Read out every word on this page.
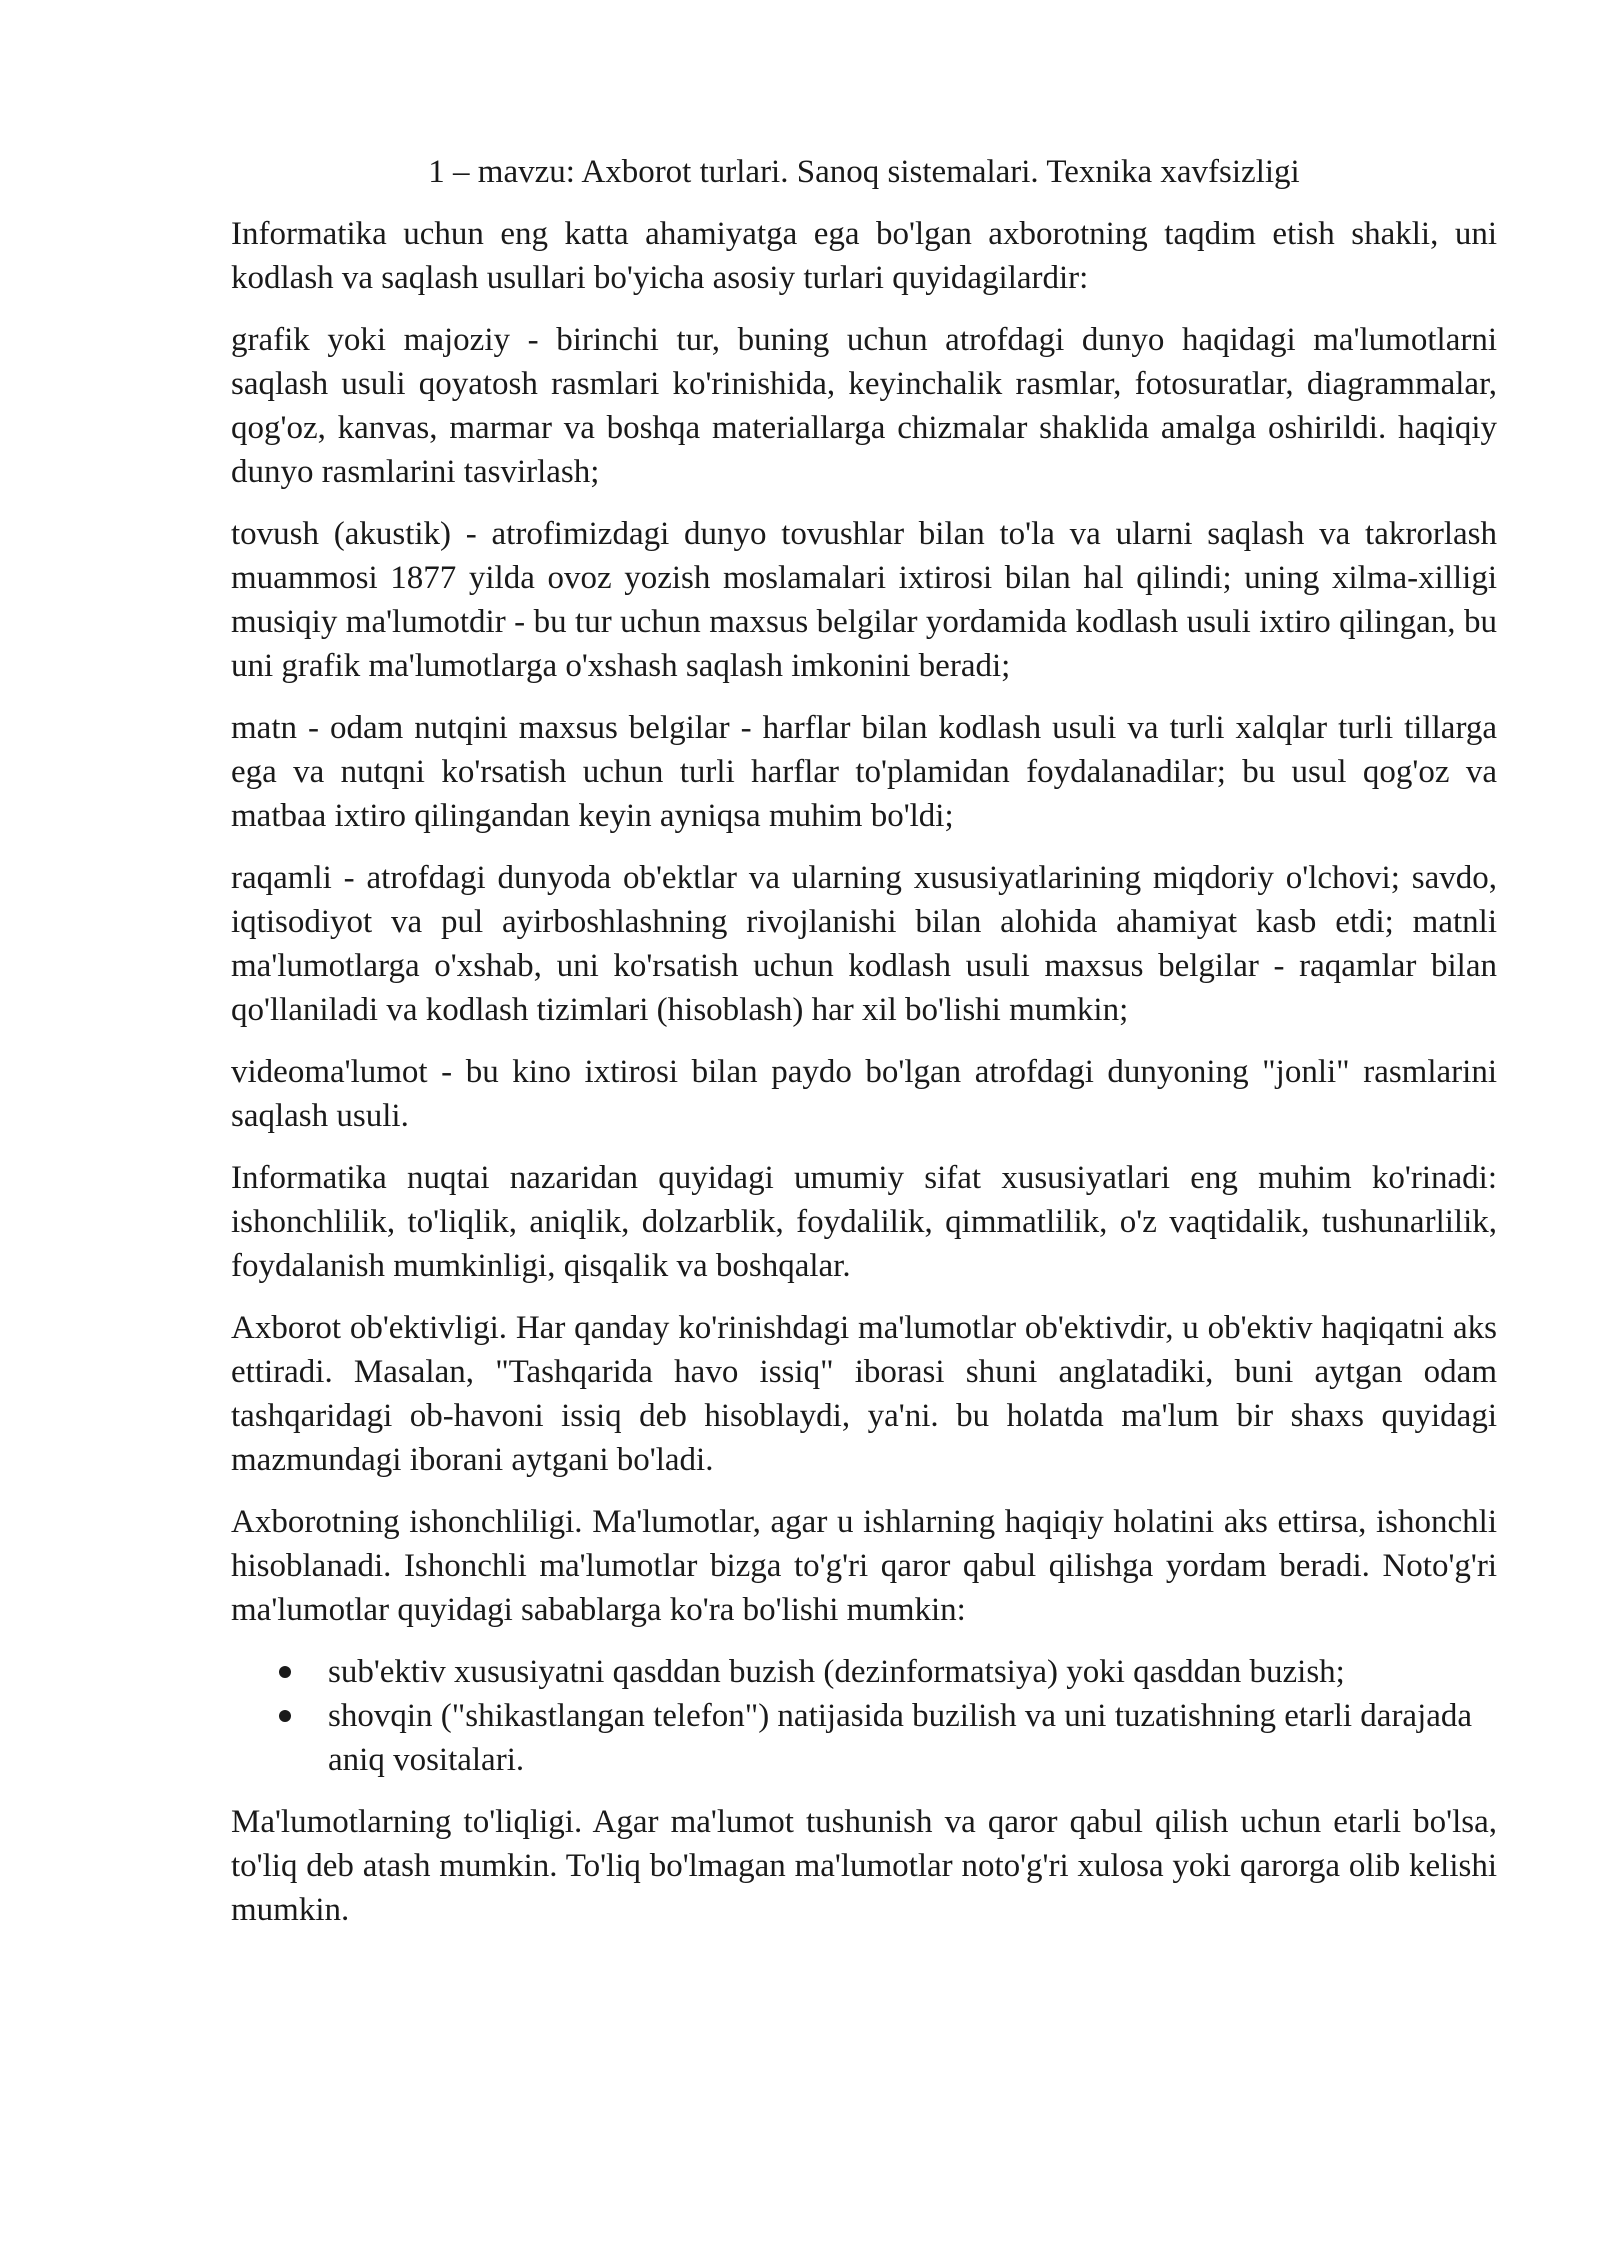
1 – mavzu: Axborot turlari. Sanoq sistemalari. Texnika xavfsizligi

Informatika uchun eng katta ahamiyatga ega bo'lgan axborotning taqdim etish shakli, uni kodlash va saqlash usullari bo'yicha asosiy turlari quyidagilardir:

grafik yoki majoziy - birinchi tur, buning uchun atrofdagi dunyo haqidagi ma'lumotlarni saqlash usuli qoyatosh rasmlari ko'rinishida, keyinchalik rasmlar, fotosuratlar, diagrammalar, qog'oz, kanvas, marmar va boshqa materiallarga chizmalar shaklida amalga oshirildi. haqiqiy dunyo rasmlarini tasvirlash;

tovush (akustik) - atrofimizdagi dunyo tovushlar bilan to'la va ularni saqlash va takrorlash muammosi 1877 yilda ovoz yozish moslamalari ixtirosi bilan hal qilindi; uning xilma-xilligi musiqiy ma'lumotdir - bu tur uchun maxsus belgilar yordamida kodlash usuli ixtiro qilingan, bu uni grafik ma'lumotlarga o'xshash saqlash imkonini beradi;

matn - odam nutqini maxsus belgilar - harflar bilan kodlash usuli va turli xalqlar turli tillarga ega va nutqni ko'rsatish uchun turli harflar to'plamidan foydalanadilar; bu usul qog'oz va matbaa ixtiro qilingandan keyin ayniqsa muhim bo'ldi;

raqamli - atrofdagi dunyoda ob'ektlar va ularning xususiyatlarining miqdoriy o'lchovi; savdo, iqtisodiyot va pul ayirboshlashning rivojlanishi bilan alohida ahamiyat kasb etdi; matnli ma'lumotlarga o'xshab, uni ko'rsatish uchun kodlash usuli maxsus belgilar - raqamlar bilan qo'llaniladi va kodlash tizimlari (hisoblash) har xil bo'lishi mumkin;

videoma'lumot - bu kino ixtirosi bilan paydo bo'lgan atrofdagi dunyoning "jonli" rasmlarini saqlash usuli.

Informatika nuqtai nazaridan quyidagi umumiy sifat xususiyatlari eng muhim ko'rinadi: ishonchlilik, to'liqlik, aniqlik, dolzarblik, foydalilik, qimmatlilik, o'z vaqtidalik, tushunarlilik, foydalanish mumkinligi, qisqalik va boshqalar.

Axborot ob'ektivligi. Har qanday ko'rinishdagi ma'lumotlar ob'ektivdir, u ob'ektiv haqiqatni aks ettiradi. Masalan, "Tashqarida havo issiq" iborasi shuni anglatadiki, buni aytgan odam tashqaridagi ob-havoni issiq deb hisoblaydi, ya'ni. bu holatda ma'lum bir shaxs quyidagi mazmundagi iborani aytgani bo'ladi.

Axborotning ishonchliligi. Ma'lumotlar, agar u ishlarning haqiqiy holatini aks ettirsa, ishonchli hisoblanadi. Ishonchli ma'lumotlar bizga to'g'ri qaror qabul qilishga yordam beradi. Noto'g'ri ma'lumotlar quyidagi sabablarga ko'ra bo'lishi mumkin:

sub'ektiv xususiyatni qasddan buzish (dezinformatsiya) yoki qasddan buzish;
shovqin ("shikastlangan telefon") natijasida buzilish va uni tuzatishning etarli darajada aniq vositalari.

Ma'lumotlarning to'liqligi. Agar ma'lumot tushunish va qaror qabul qilish uchun etarli bo'lsa, to'liq deb atash mumkin. To'liq bo'lmagan ma'lumotlar noto'g'ri xulosa yoki qarorga olib kelishi mumkin.
